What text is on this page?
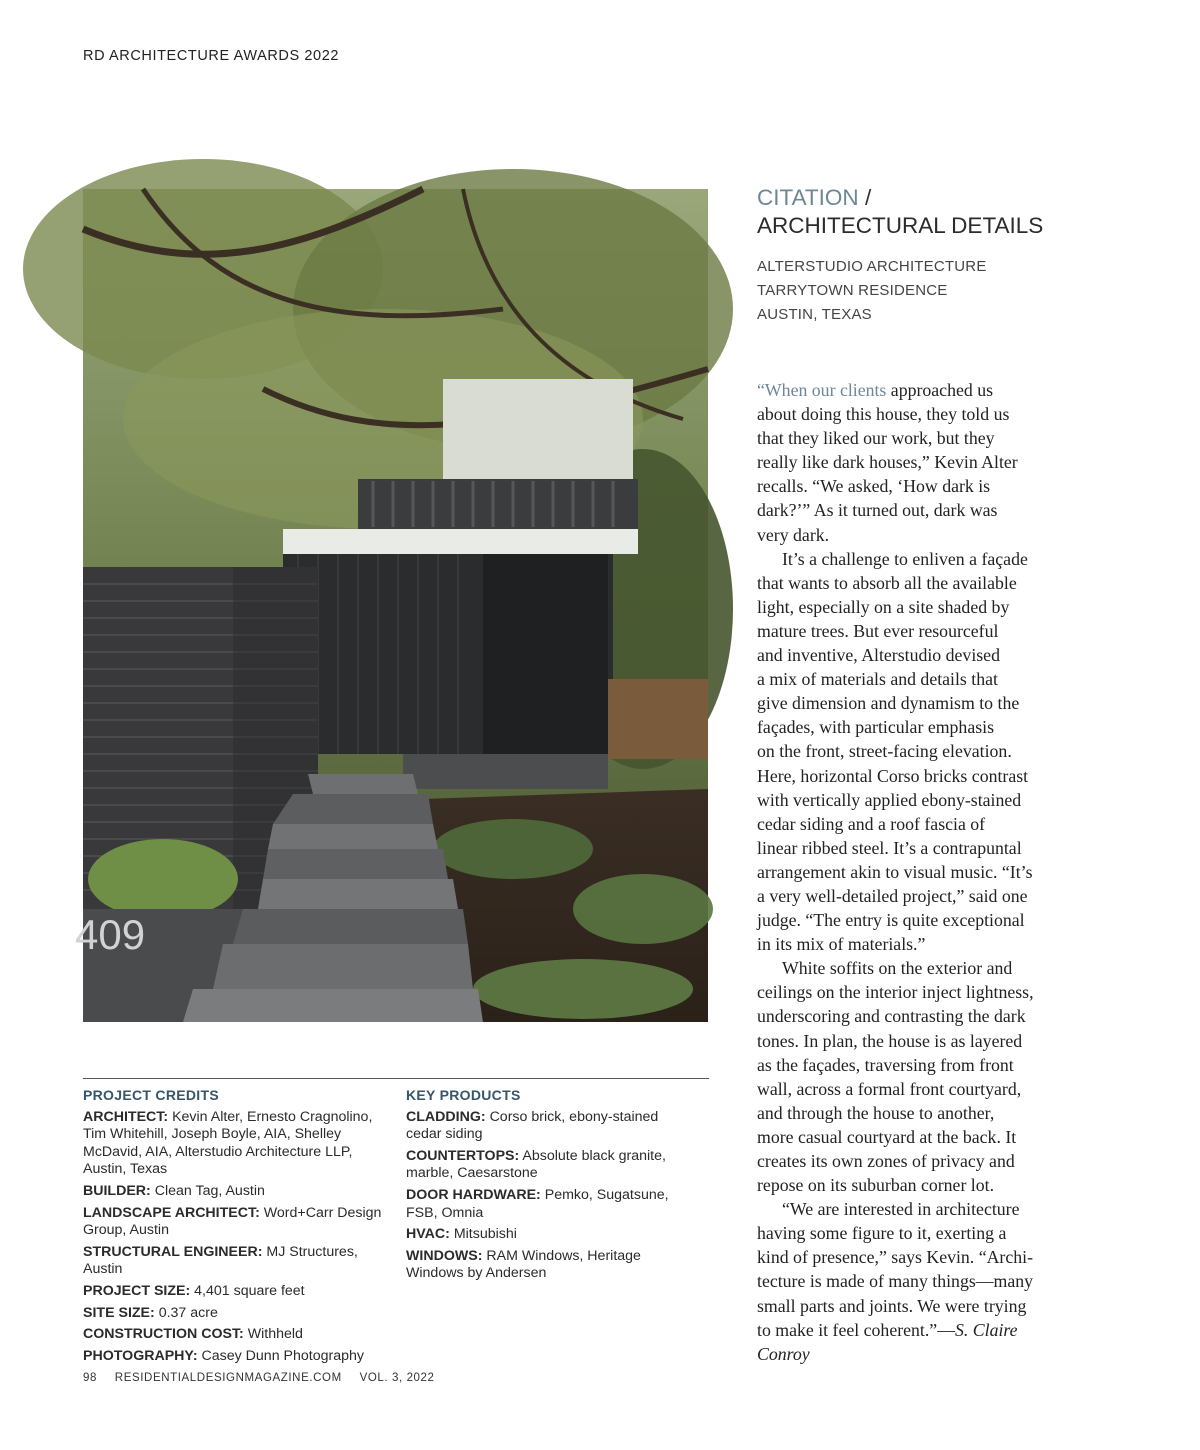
RD ARCHITECTURE AWARDS 2022
409
PROJECT CREDITS
ARCHITECT: Kevin Alter, Ernesto Cragnolino, Tim Whitehill, Joseph Boyle, AIA, Shelley McDavid, AIA, Alterstudio Architecture LLP, Austin, Texas
BUILDER: Clean Tag, Austin
LANDSCAPE ARCHITECT: Word+Carr Design Group, Austin
STRUCTURAL ENGINEER: MJ Structures, Austin
PROJECT SIZE: 4,401 square feet
SITE SIZE: 0.37 acre
CONSTRUCTION COST: Withheld
PHOTOGRAPHY: Casey Dunn Photography
KEY PRODUCTS
CLADDING: Corso brick, ebony-stained cedar siding
COUNTERTOPS: Absolute black granite, marble, Caesarstone
DOOR HARDWARE: Pemko, Sugatsune, FSB, Omnia
HVAC: Mitsubishi
WINDOWS: RAM Windows, Heritage Windows by Andersen
CITATION /
ARCHITECTURAL DETAILS
ALTERSTUDIO ARCHITECTURE
TARRYTOWN RESIDENCE
AUSTIN, TEXAS

“When our clients approached us
about doing this house, they told us
that they liked our work, but they
really like dark houses,” Kevin Alter
recalls. “We asked, ‘How dark is
dark?’” As it turned out, dark was
very dark.

It’s a challenge to enliven a façade
that wants to absorb all the available
light, especially on a site shaded by
mature trees. But ever resourceful
and inventive, Alterstudio devised
a mix of materials and details that
give dimension and dynamism to the
façades, with particular emphasis
on the front, street-facing elevation.
Here, horizontal Corso bricks contrast
with vertically applied ebony-stained
cedar siding and a roof fascia of
linear ribbed steel. It’s a contrapuntal
arrangement akin to visual music. “It’s
a very well-detailed project,” said one
judge. “The entry is quite exceptional
in its mix of materials.”

White soffits on the exterior and
ceilings on the interior inject lightness,
underscoring and contrasting the dark
tones. In plan, the house is as layered
as the façades, traversing from front
wall, across a formal front courtyard,
and through the house to another,
more casual courtyard at the back. It
creates its own zones of privacy and
repose on its suburban corner lot.

“We are interested in architecture
having some figure to it, exerting a
kind of presence,” says Kevin. “Archi-
tecture is made of many things—many
small parts and joints. We were trying
to make it feel coherent.”—S. Claire
Conroy

98 RESIDENTIALDESIGNMAGAZINE.COM VOL. 3, 2022
